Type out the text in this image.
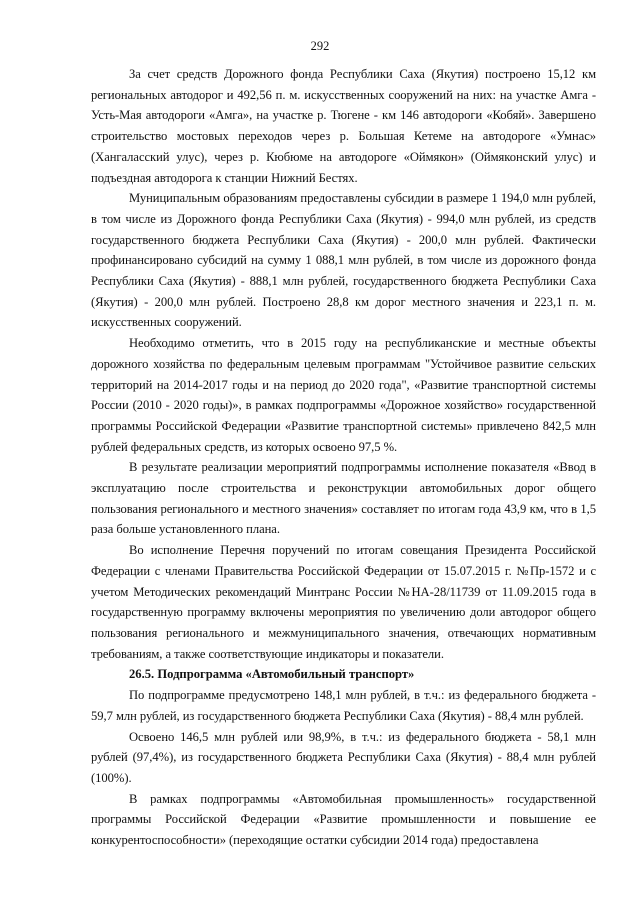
292

За счет средств Дорожного фонда Республики Саха (Якутия) построено 15,12 км региональных автодорог и 492,56 п. м. искусственных сооружений на них: на участке Амга - Усть-Мая автодороги «Амга», на участке р. Тюгене - км 146 автодороги «Кобяй». Завершено строительство мостовых переходов через р. Большая Кетеме на автодороге «Умнас» (Хангаласский улус), через р. Кюбюме на автодороге «Оймякон» (Оймяконский улус) и подъездная автодорога к станции Нижний Бестях.

Муниципальным образованиям предоставлены субсидии в размере 1 194,0 млн рублей, в том числе из Дорожного фонда Республики Саха (Якутия) - 994,0 млн рублей, из средств государственного бюджета Республики Саха (Якутия) - 200,0 млн рублей. Фактически профинансировано субсидий на сумму 1 088,1 млн рублей, в том числе из дорожного фонда Республики Саха (Якутия) - 888,1 млн рублей, государственного бюджета Республики Саха (Якутия) - 200,0 млн рублей. Построено 28,8 км дорог местного значения и 223,1 п. м. искусственных сооружений.

Необходимо отметить, что в 2015 году на республиканские и местные объекты дорожного хозяйства по федеральным целевым программам "Устойчивое развитие сельских территорий на 2014-2017 годы и на период до 2020 года", «Развитие транспортной системы России (2010 - 2020 годы)», в рамках подпрограммы «Дорожное хозяйство» государственной программы Российской Федерации «Развитие транспортной системы» привлечено 842,5 млн рублей федеральных средств, из которых освоено 97,5 %.

В результате реализации мероприятий подпрограммы исполнение показателя «Ввод в эксплуатацию после строительства и реконструкции автомобильных дорог общего пользования регионального и местного значения» составляет по итогам года 43,9 км, что в 1,5 раза больше установленного плана.

Во исполнение Перечня поручений по итогам совещания Президента Российской Федерации с членами Правительства Российской Федерации от 15.07.2015 г. №Пр-1572 и с учетом Методических рекомендаций Минтранс России №НА-28/11739 от 11.09.2015 года в государственную программу включены мероприятия по увеличению доли автодорог общего пользования регионального и межмуниципального значения, отвечающих нормативным требованиям, а также соответствующие индикаторы и показатели.

26.5. Подпрограмма «Автомобильный транспорт»

По подпрограмме предусмотрено 148,1 млн рублей, в т.ч.: из федерального бюджета - 59,7 млн рублей, из государственного бюджета Республики Саха (Якутия) - 88,4 млн рублей.

Освоено 146,5 млн рублей или 98,9%, в т.ч.: из федерального бюджета - 58,1 млн рублей (97,4%), из государственного бюджета Республики Саха (Якутия) - 88,4 млн рублей (100%).

В рамках подпрограммы «Автомобильная промышленность» государственной программы Российской Федерации «Развитие промышленности и повышение ее конкурентоспособности» (переходящие остатки субсидии 2014 года) предоставлена
